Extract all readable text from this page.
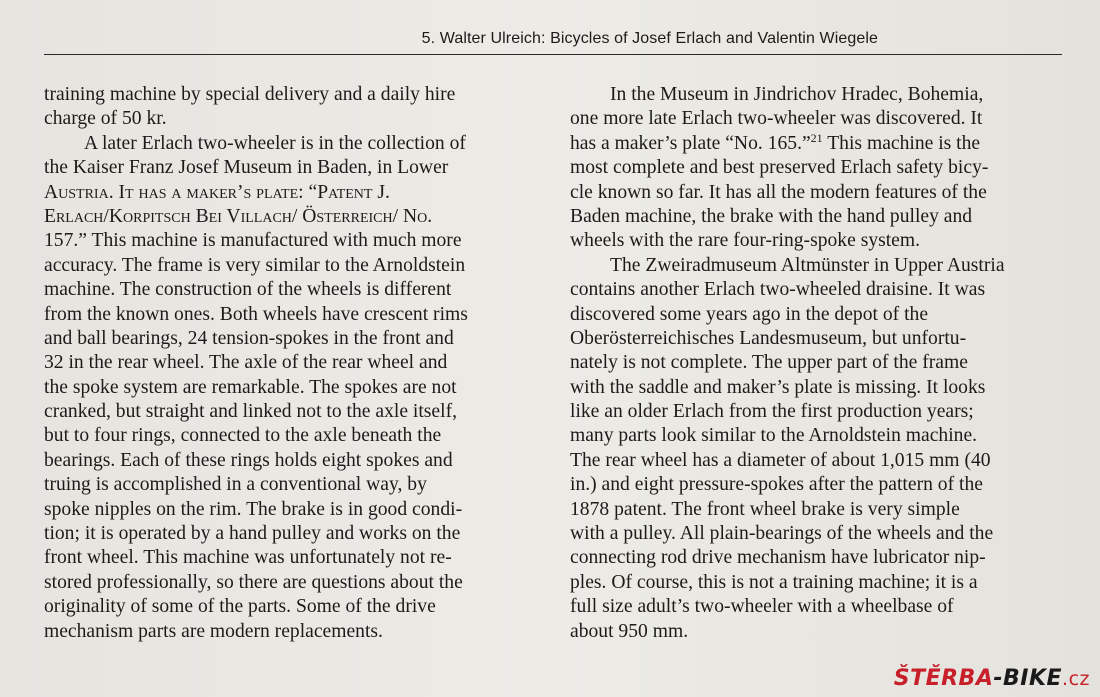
5. Walter Ulreich: Bicycles of Josef Erlach and Valentin Wiegele
training machine by special delivery and a daily hire
charge of 50 kr.
A later Erlach two-wheeler is in the collection of
the Kaiser Franz Josef Museum in Baden, in Lower
Austria. It has a maker’s plate: “Patent J.
Erlach/Korpitsch Bei Villach/ Österreich/ No.
157.” This machine is manufactured with much more
accuracy. The frame is very similar to the Arnoldstein
machine. The construction of the wheels is different
from the known ones. Both wheels have crescent rims
and ball bearings, 24 tension-spokes in the front and
32 in the rear wheel. The axle of the rear wheel and
the spoke system are remarkable. The spokes are not
cranked, but straight and linked not to the axle itself,
but to four rings, connected to the axle beneath the
bearings. Each of these rings holds eight spokes and
truing is accomplished in a conventional way, by
spoke nipples on the rim. The brake is in good condi-
tion; it is operated by a hand pulley and works on the
front wheel. This machine was unfortunately not re-
stored professionally, so there are questions about the
originality of some of the parts. Some of the drive
mechanism parts are modern replacements.
In the Museum in Jindrichov Hradec, Bohemia,
one more late Erlach two-wheeler was discovered. It
has a maker’s plate “No. 165.”$^{21}$ This machine is the
most complete and best preserved Erlach safety bicy-
cle known so far. It has all the modern features of the
Baden machine, the brake with the hand pulley and
wheels with the rare four-ring-spoke system.
The Zweiradmuseum Altmünster in Upper Austria
contains another Erlach two-wheeled draisine. It was
discovered some years ago in the depot of the
Oberösterreichisches Landesmuseum, but unfortu-
nately is not complete. The upper part of the frame
with the saddle and maker’s plate is missing. It looks
like an older Erlach from the first production years;
many parts look similar to the Arnoldstein machine.
The rear wheel has a diameter of about 1,015 mm (40
in.) and eight pressure-spokes after the pattern of the
1878 patent. The front wheel brake is very simple
with a pulley. All plain-bearings of the wheels and the
connecting rod drive mechanism have lubricator nip-
ples. Of course, this is not a training machine; it is a
full size adult’s two-wheeler with a wheelbase of
about 950 mm.
ŠTĚRBA-BIKE.cz
